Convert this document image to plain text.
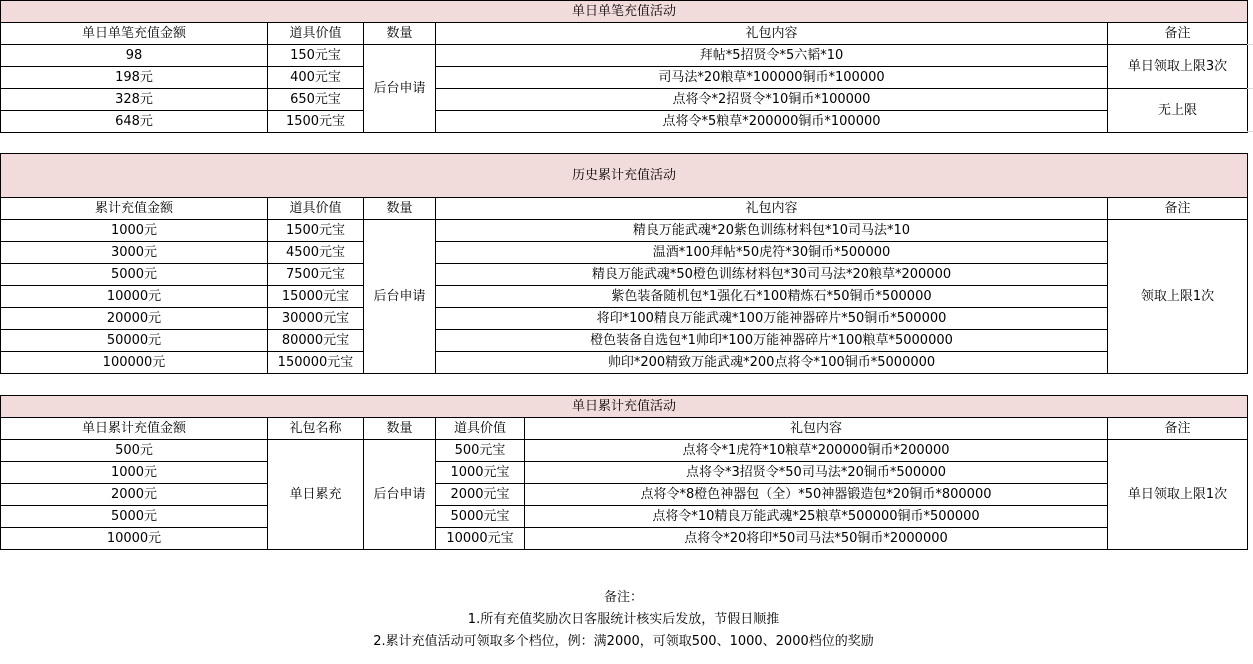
单日单笔充值活动				
单日单笔充值金额	道具价值	数量	礼包内容	备注
98	150元宝	后台申请	拜帖*5招贤令*5六韬*10	单日领取上限3次
198元	400元宝		司马法*20粮草*100000铜币*100000	
328元	650元宝		点将令*2招贤令*10铜币*100000	无上限
648元	1500元宝		点将令*5粮草*200000铜币*100000	
历史累计充值活动				
累计充值金额	道具价值	数量	礼包内容	备注
1000元	1500元宝	后台申请	精良万能武魂*20紫色训练材料包*10司马法*10	领取上限1次
3000元	4500元宝		温酒*100拜帖*50虎符*30铜币*500000	
5000元	7500元宝		精良万能武魂*50橙色训练材料包*30司马法*20粮草*200000	
10000元	15000元宝		紫色装备随机包*1强化石*100精炼石*50铜币*500000	
20000元	30000元宝		将印*100精良万能武魂*100万能神器碎片*50铜币*500000	
50000元	80000元宝		橙色装备自选包*1帅印*100万能神器碎片*100粮草*5000000	
100000元	150000元宝		帅印*200精致万能武魂*200点将令*100铜币*5000000	
单日累计充值活动					
单日累计充值金额	礼包名称	数量	道具价值	礼包内容	备注
500元	单日累充	后台申请	500元宝	点将令*1虎符*10粮草*200000铜币*200000	单日领取上限1次
1000元			1000元宝	点将令*3招贤令*50司马法*20铜币*500000	
2000元			2000元宝	点将令*8橙色神器包（全）*50神器锻造包*20铜币*800000	
5000元			5000元宝	点将令*10精良万能武魂*25粮草*500000铜币*500000	
10000元			10000元宝	点将令*20将印*50司马法*50铜币*2000000	
备注：
1.所有充值奖励次日客服统计核实后发放，节假日顺推
2.累计充值活动可领取多个档位，例：满2000，可领取500、1000、2000档位的奖励
